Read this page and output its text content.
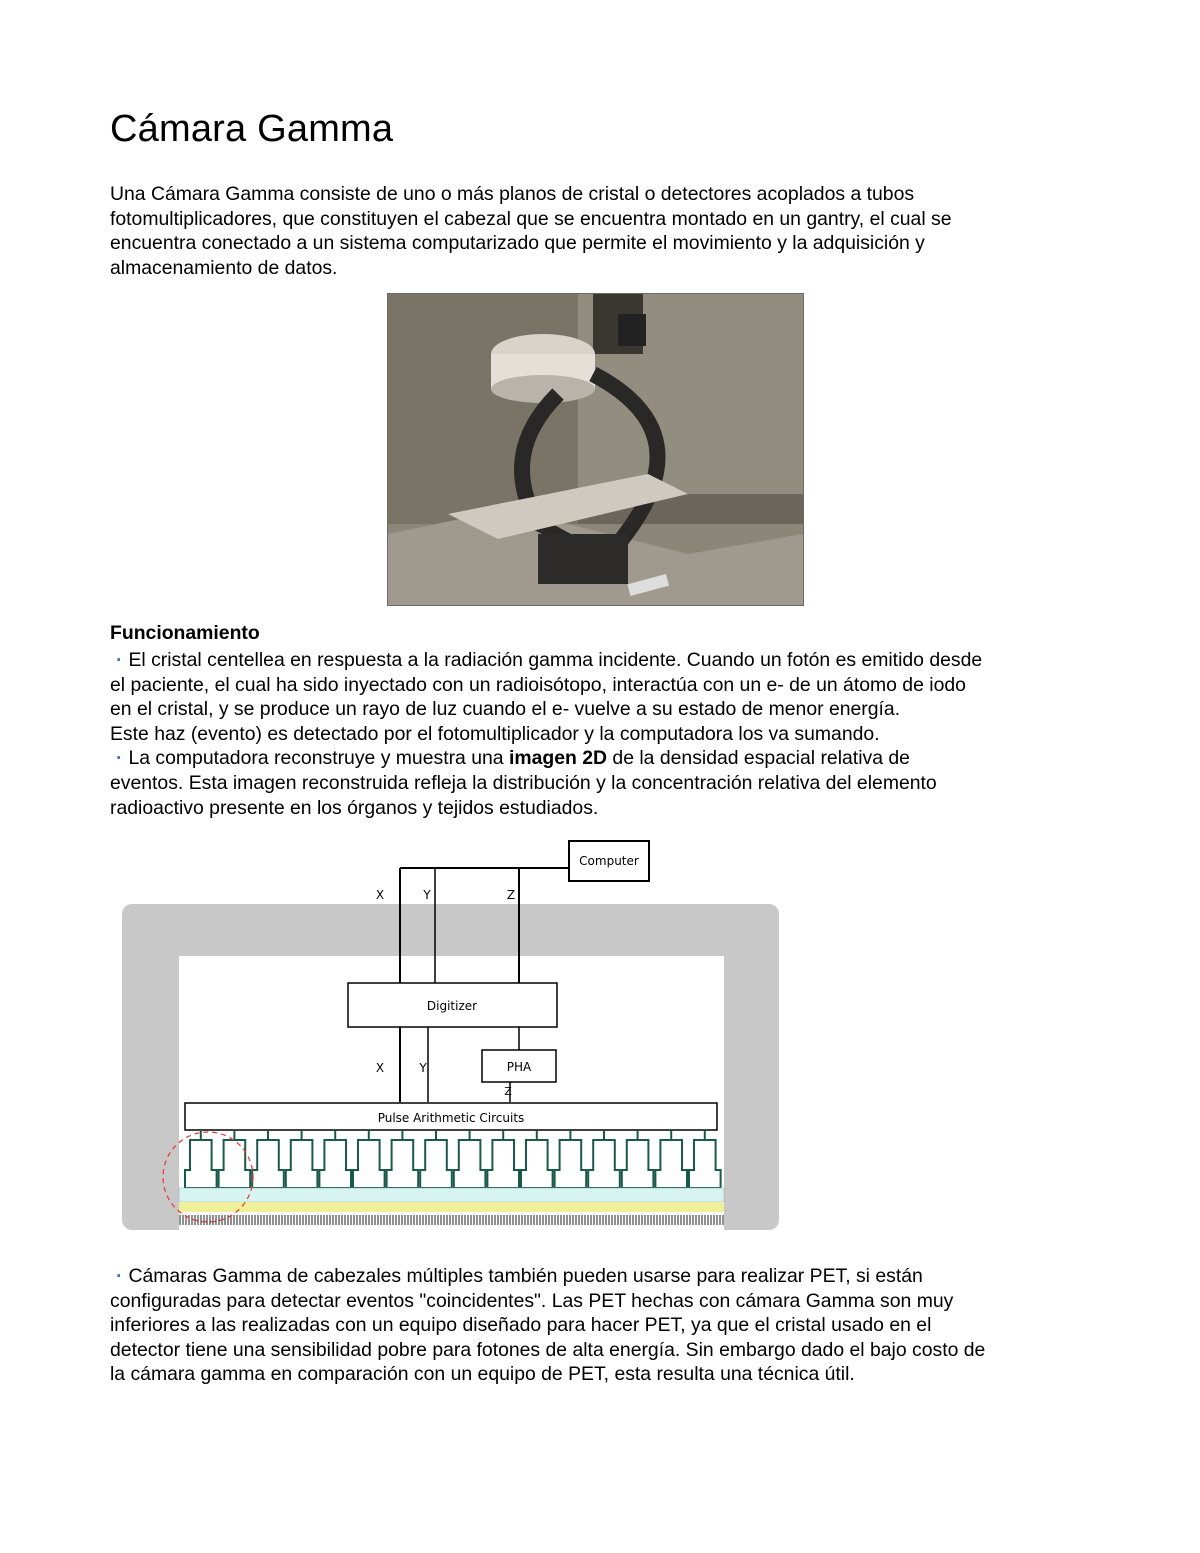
Cámara Gamma

Una Cámara Gamma consiste de uno o más planos de cristal o detectores acoplados a tubos
fotomultiplicadores, que constituyen el cabezal que se encuentra montado en un gantry, el cual se
encuentra conectado a un sistema computarizado que permite el movimiento y la adquisición y
almacenamiento de datos.

Funcionamiento

· El cristal centellea en respuesta a la radiación gamma incidente. Cuando un fotón es emitido desde
el paciente, el cual ha sido inyectado con un radioisótopo, interactúa con un e- de un átomo de iodo
en el cristal, y se produce un rayo de luz cuando el e- vuelve a su estado de menor energía.
Este haz (evento) es detectado por el fotomultiplicador y la computadora los va sumando.
· La computadora reconstruye y muestra una imagen 2D de la densidad espacial relativa de
eventos. Esta imagen reconstruida refleja la distribución y la concentración relativa del elemento
radioactivo presente en los órganos y tejidos estudiados.

Computer
X	Y	Z
Digitizer
X	Y	PHA
Z
Pulse Arithmetic Circuits

· Cámaras Gamma de cabezales múltiples también pueden usarse para realizar PET, si están
configuradas para detectar eventos "coincidentes". Las PET hechas con cámara Gamma son muy
inferiores a las realizadas con un equipo diseñado para hacer PET, ya que el cristal usado en el
detector tiene una sensibilidad pobre para fotones de alta energía. Sin embargo dado el bajo costo de
la cámara gamma en comparación con un equipo de PET, esta resulta una técnica útil.
